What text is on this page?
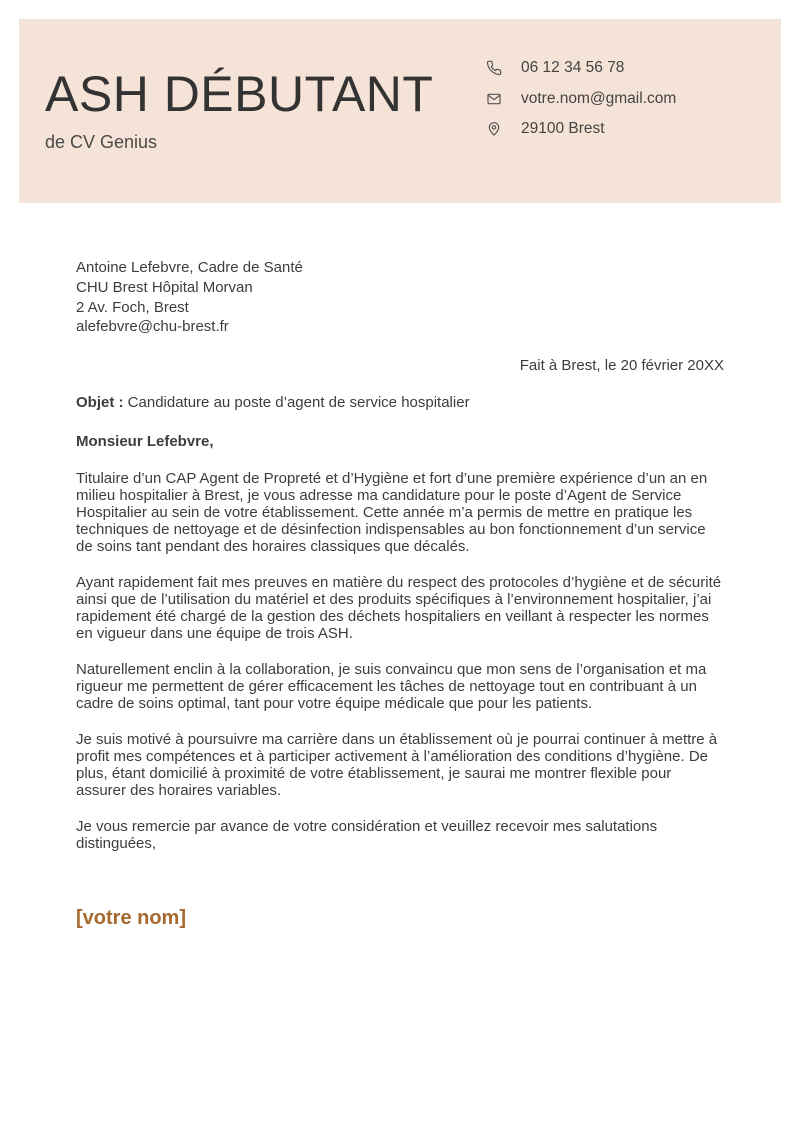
ASH DÉBUTANT
de CV Genius
06 12 34 56 78
votre.nom@gmail.com
29100 Brest
Antoine Lefebvre, Cadre de Santé
CHU Brest Hôpital Morvan
2 Av. Foch, Brest
alefebvre@chu-brest.fr
Fait à Brest, le 20 février 20XX
Objet : Candidature au poste d’agent de service hospitalier
Monsieur Lefebvre,
Titulaire d’un CAP Agent de Propreté et d’Hygiène et fort d’une première expérience d’un an en milieu hospitalier à Brest, je vous adresse ma candidature pour le poste d’Agent de Service Hospitalier au sein de votre établissement. Cette année m’a permis de mettre en pratique les techniques de nettoyage et de désinfection indispensables au bon fonctionnement d’un service de soins tant pendant des horaires classiques que décalés.
Ayant rapidement fait mes preuves en matière du respect des protocoles d’hygiène et de sécurité ainsi que de l’utilisation du matériel et des produits spécifiques à l’environnement hospitalier, j’ai rapidement été chargé de la gestion des déchets hospitaliers en veillant à respecter les normes en vigueur dans une équipe de trois ASH.
Naturellement enclin à la collaboration, je suis convaincu que mon sens de l’organisation et ma rigueur me permettent de gérer efficacement les tâches de nettoyage tout en contribuant à un cadre de soins optimal, tant pour votre équipe médicale que pour les patients.
Je suis motivé à poursuivre ma carrière dans un établissement où je pourrai continuer à mettre à profit mes compétences et à participer activement à l’amélioration des conditions d’hygiène. De plus, étant domicilié à proximité de votre établissement, je saurai me montrer flexible pour assurer des horaires variables.
Je vous remercie par avance de votre considération et veuillez recevoir mes salutations distinguées,
[votre nom]
